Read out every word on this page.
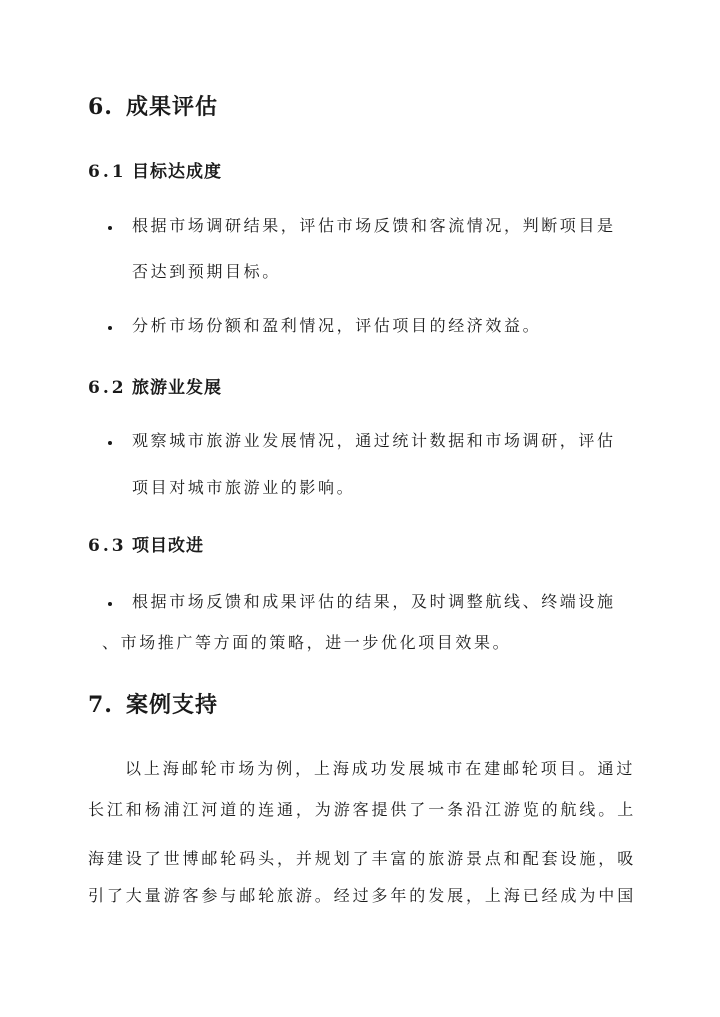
6. 成果评估
6.1 目标达成度
根据市场调研结果，评估市场反馈和客流情况，判断项目是
否达到预期目标。
分析市场份额和盈利情况，评估项目的经济效益。
6.2 旅游业发展
观察城市旅游业发展情况，通过统计数据和市场调研，评估
项目对城市旅游业的影响。
6.3 项目改进
根据市场反馈和成果评估的结果，及时调整航线、终端设施
、市场推广等方面的策略，进一步优化项目效果。
7. 案例支持
以上海邮轮市场为例，上海成功发展城市在建邮轮项目。通过
长江和杨浦江河道的连通，为游客提供了一条沿江游览的航线。上
海建设了世博邮轮码头，并规划了丰富的旅游景点和配套设施，吸
引了大量游客参与邮轮旅游。经过多年的发展，上海已经成为中国
